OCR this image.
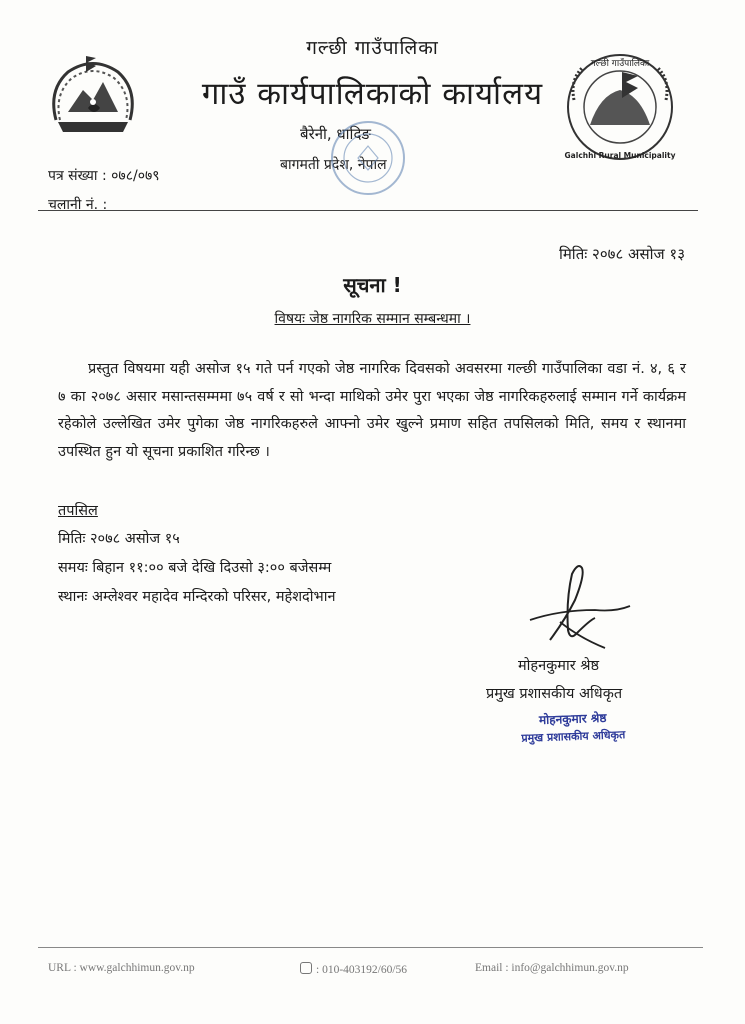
गल्छी गाउँपालिका
Galchhi Rural Municipality
गल्छी गाउँपालिका
गाउँ कार्यपालिकाको कार्यालय
बैरेनी, धादिङ
बागमती प्रदेश, नेपाल
पत्र संख्या : ०७८/०७९
चलानी नं. :
मितिः २०७८ असोज १३
सूचना !
विषयः जेष्ठ नागरिक सम्मान सम्बन्धमा ।
प्रस्तुत विषयमा यही असोज १५ गते पर्न गएको जेष्ठ नागरिक दिवसको अवसरमा गल्छी गाउँपालिका वडा नं. ४, ६ र ७ का २०७८ असार मसान्तसम्ममा ७५ वर्ष र सो भन्दा माथिको उमेर पुरा भएका जेष्ठ नागरिकहरुलाई सम्मान गर्ने कार्यक्रम रहेकोले उल्लेखित उमेर पुगेका जेष्ठ नागरिकहरुले आफ्नो उमेर खुल्ने प्रमाण सहित तपसिलको मिति, समय र स्थानमा उपस्थित हुन यो सूचना प्रकाशित गरिन्छ ।
तपसिल
मितिः २०७८ असोज १५
समयः बिहान ११:०० बजे देखि दिउसो ३:०० बजेसम्म
स्थानः अम्लेश्वर महादेव मन्दिरको परिसर, महेशदोभान
मोहनकुमार श्रेष्ठ
प्रमुख प्रशासकीय अधिकृत
मोहनकुमार श्रेष्ठ
प्रमुख प्रशासकीय अधिकृत
URL : www.galchhimun.gov.np	: 010-403192/60/56	Email : info@galchhimun.gov.np
